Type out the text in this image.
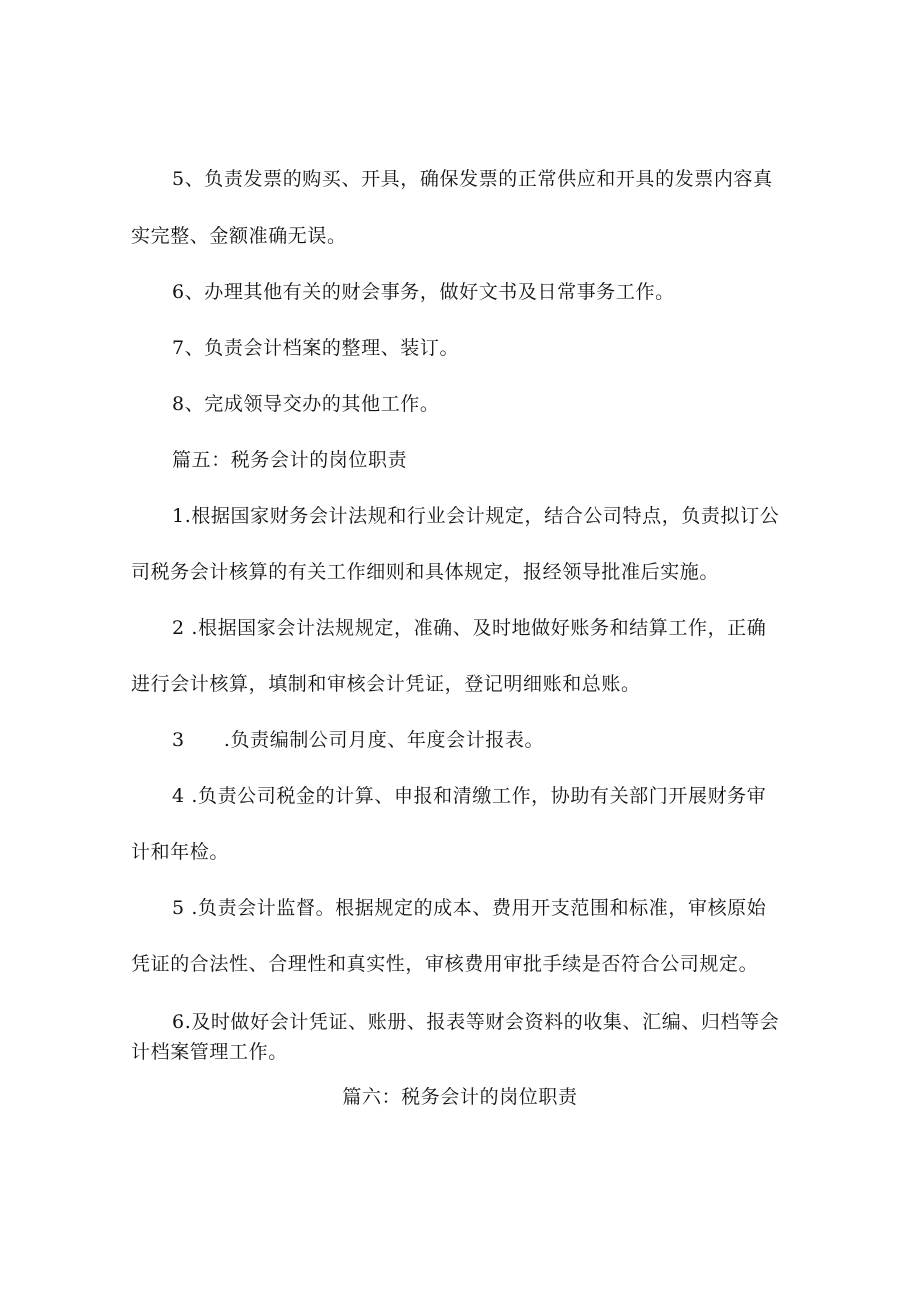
5、负责发票的购买、开具，确保发票的正常供应和开具的发票内容真
实完整、金额准确无误。
6、办理其他有关的财会事务，做好文书及日常事务工作。
7、负责会计档案的整理、装订。
8、完成领导交办的其他工作。
篇五：税务会计的岗位职责
1.根据国家财务会计法规和行业会计规定，结合公司特点，负责拟订公
司税务会计核算的有关工作细则和具体规定，报经领导批准后实施。
2 .根据国家会计法规规定，准确、及时地做好账务和结算工作，正确
进行会计核算，填制和审核会计凭证，登记明细账和总账。
3　　.负责编制公司月度、年度会计报表。
4 .负责公司税金的计算、申报和清缴工作，协助有关部门开展财务审
计和年检。
5 .负责会计监督。根据规定的成本、费用开支范围和标准，审核原始
凭证的合法性、合理性和真实性，审核费用审批手续是否符合公司规定。
6.及时做好会计凭证、账册、报表等财会资料的收集、汇编、归档等会
计档案管理工作。
篇六：税务会计的岗位职责
